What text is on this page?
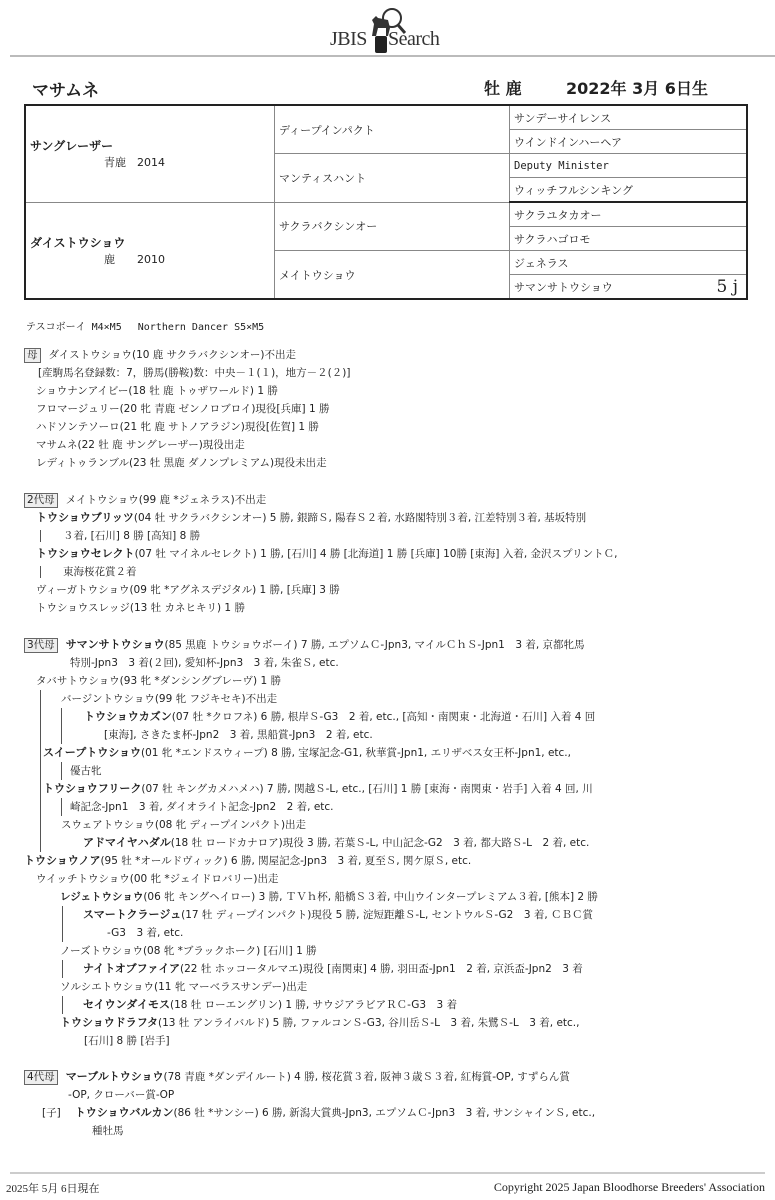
JBIS Search
マサムネ	牡 鹿	2022年 3月 6日生
サングレーザー
青鹿　2014	ディープインパクト	サンデーサイレンス
		ウインドインハーヘア
	マンティスハント	Deputy Minister
		ウィッチフルシンキング
ダイストウショウ
鹿　　2010	サクラバクシンオー	サクラユタカオー
		サクラハゴロモ
	メイトウショウ	ジェネラス
		サマンサトウショウ 5 j
テスコボーイ M4×M5　 Northern Dancer S5×M5
母 ダイストウショウ(10 鹿 サクラバクシンオー)不出走
[産駒馬名登録数：7，勝馬(勝鞍)数：中央－１(１)，地方－２(２)]
ショウナンアイビー(18 牡 鹿 トゥザワールド) 1 勝
フロマージュリー(20 牝 青鹿 ゼンノロブロイ)現役[兵庫] 1 勝
ハドソンテソーロ(21 牝 鹿 サトノアラジン)現役[佐賀] 1 勝
マサムネ(22 牡 鹿 サングレーザー)現役出走
レディトゥランブル(23 牡 黒鹿 ダノンプレミアム)現役未出走
2代母 メイトウショウ(99 鹿 *ジェネラス)不出走
トウショウブリッツ(04 牡 サクラバクシンオー) 5 勝, 銀蹄Ｓ, 陽春Ｓ２着, 水路閣特別３着, 江差特別３着, 基坂特別
３着, [石川] 8 勝 [高知] 8 勝
トウショウセレクト(07 牡 マイネルセレクト) 1 勝, [石川] 4 勝 [北海道] 1 勝 [兵庫] 10勝 [東海] 入着, 金沢スプリントＣ,
東海桜花賞２着
ヴィーガトウショウ(09 牝 *アグネスデジタル) 1 勝, [兵庫] 3 勝
トウショウスレッジ(13 牡 カネヒキリ) 1 勝
3代母 サマンサトウショウ(85 黒鹿 トウショウボーイ) 7 勝, エプソムＣ-Jpn3, マイルＣｈＳ-Jpn1　3 着, 京都牝馬
特別-Jpn3　3 着(２回), 愛知杯-Jpn3　3 着, 朱雀Ｓ, etc.
タバサトウショウ(93 牝 *ダンシングブレーヴ) 1 勝
バージントウショウ(99 牝 フジキセキ)不出走
トウショウカズン(07 牡 *クロフネ) 6 勝, 根岸Ｓ-G3　2 着, etc., [高知・南関東・北海道・石川] 入着 4 回
[東海], さきたま杯-Jpn2　3 着, 黒船賞-Jpn3　2 着, etc.
スイープトウショウ(01 牝 *エンドスウィープ) 8 勝, 宝塚記念-G1, 秋華賞-Jpn1, エリザベス女王杯-Jpn1, etc.,
優古牝
トウショウフリーク(07 牡 キングカメハメハ) 7 勝, 関越Ｓ-L, etc., [石川] 1 勝 [東海・南関東・岩手] 入着 4 回, 川
崎記念-Jpn1　3 着, ダイオライト記念-Jpn2　2 着, etc.
スウェアトウショウ(08 牝 ディープインパクト)出走
アドマイヤハダル(18 牡 ロードカナロア)現役 3 勝, 若葉Ｓ-L, 中山記念-G2　3 着, 都大路Ｓ-L　2 着, etc.
トウショウノア(95 牡 *オールドヴィック) 6 勝, 関屋記念-Jpn3　3 着, 夏至Ｓ, 関ケ原Ｓ, etc.
ウイッチトウショウ(00 牝 *ジェイドロバリー)出走
レジェトウショウ(06 牝 キングヘイロー) 3 勝, ＴＶｈ杯, 船橋Ｓ３着, 中山ウインタープレミアム３着, [熊本] 2 勝
スマートクラージュ(17 牡 ディープインパクト)現役 5 勝, 淀短距離Ｓ-L, セントウルＳ-G2　3 着, ＣＢＣ賞
-G3　3 着, etc.
ノーズトウショウ(08 牝 *ブラックホーク) [石川] 1 勝
ナイトオブファイア(22 牡 ホッコータルマエ)現役 [南関東] 4 勝, 羽田盃-Jpn1　2 着, 京浜盃-Jpn2　3 着
ソルシエトウショウ(11 牝 マーベラスサンデー)出走
セイウンダイモス(18 牡 ローエングリン) 1 勝, サウジアラビアＲＣ-G3　3 着
トウショウドラフタ(13 牡 アンライバルド) 5 勝, ファルコンＳ-G3, 谷川岳Ｓ-L　3 着, 朱鷺Ｓ-L　3 着, etc.,
[石川] 8 勝 [岩手]
4代母 マーブルトウショウ(78 青鹿 *ダンデイルート) 4 勝, 桜花賞３着, 阪神３歳Ｓ３着, 紅梅賞-OP, すずらん賞
-OP, クローバー賞-OP
[子] トウショウバルカン(86 牡 *サンシー) 6 勝, 新潟大賞典-Jpn3, エプソムＣ-Jpn3　3 着, サンシャインＳ, etc.,
種牡馬
2025年 5月 6日現在	Copyright 2025 Japan Bloodhorse Breeders' Association
